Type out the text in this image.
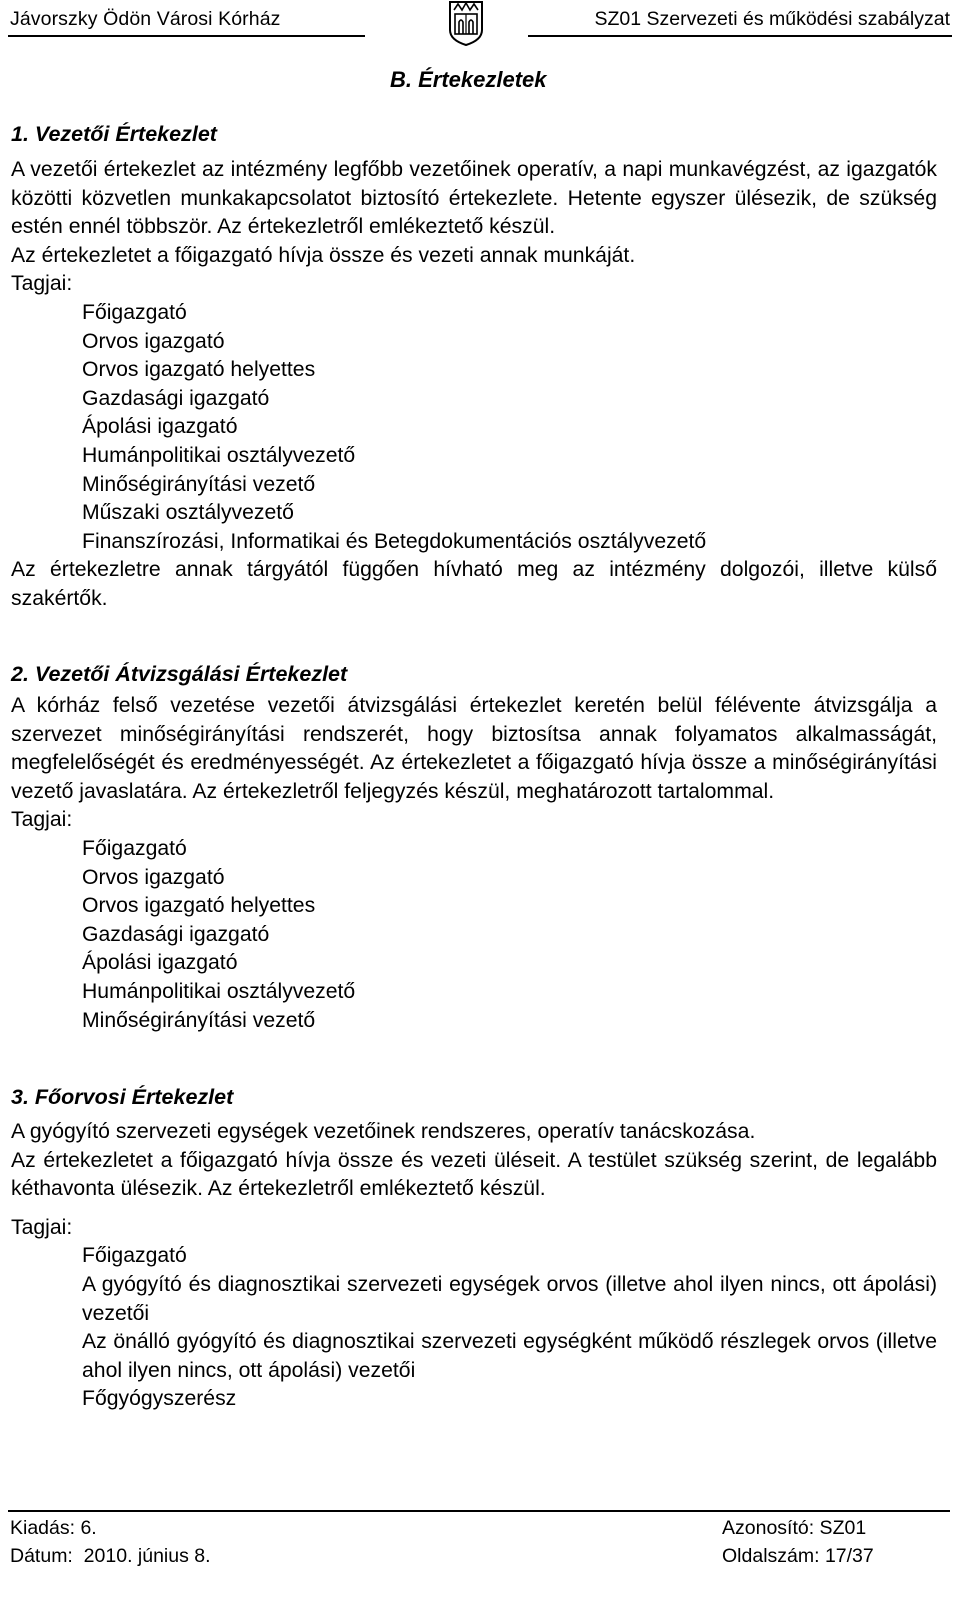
Jávorszky Ödön Városi Kórház	SZ01 Szervezeti és működési szabályzat
B. Értekezletek

1. Vezetői Értekezlet

A vezetői értekezlet az intézmény legfőbb vezetőinek operatív, a napi munkavégzést, az igazgatók közötti közvetlen munkakapcsolatot biztosító értekezlete. Hetente egyszer ülésezik, de szükség estén ennél többször. Az értekezletről emlékeztető készül.

Az értekezletet a főigazgató hívja össze és vezeti annak munkáját.

Tagjai:

Főigazgató

Orvos igazgató

Orvos igazgató helyettes

Gazdasági igazgató

Ápolási igazgató

Humánpolitikai osztályvezető

Minőségirányítási vezető

Műszaki osztályvezető

Finanszírozási, Informatikai és Betegdokumentációs osztályvezető

Az értekezletre annak tárgyától függően hívható meg az intézmény dolgozói, illetve külső szakértők.

2. Vezetői Átvizsgálási Értekezlet

A kórház felső vezetése vezetői átvizsgálási értekezlet keretén belül félévente átvizsgálja a szervezet minőségirányítási rendszerét, hogy biztosítsa annak folyamatos alkalmasságát, megfelelőségét és eredményességét. Az értekezletet a főigazgató hívja össze a minőségirányítási vezető javaslatára. Az értekezletről feljegyzés készül, meghatározott tartalommal.

Tagjai:

Főigazgató

Orvos igazgató

Orvos igazgató helyettes

Gazdasági igazgató

Ápolási igazgató

Humánpolitikai osztályvezető

Minőségirányítási vezető

3. Főorvosi Értekezlet

A gyógyító szervezeti egységek vezetőinek rendszeres, operatív tanácskozása.

Az értekezletet a főigazgató hívja össze és vezeti üléseit. A testület szükség szerint, de legalább kéthavonta ülésezik. Az értekezletről emlékeztető készül.

Tagjai:

Főigazgató

A gyógyító és diagnosztikai szervezeti egységek orvos (illetve ahol ilyen nincs, ott ápolási) vezetői

Az önálló gyógyító és diagnosztikai szervezeti egységként működő részlegek orvos (illetve ahol ilyen nincs, ott ápolási) vezetői

Főgyógyszerész

Kiadás: 6.
Dátum:  2010. június 8.
Azonosító: SZ01
Oldalszám: 17/37
